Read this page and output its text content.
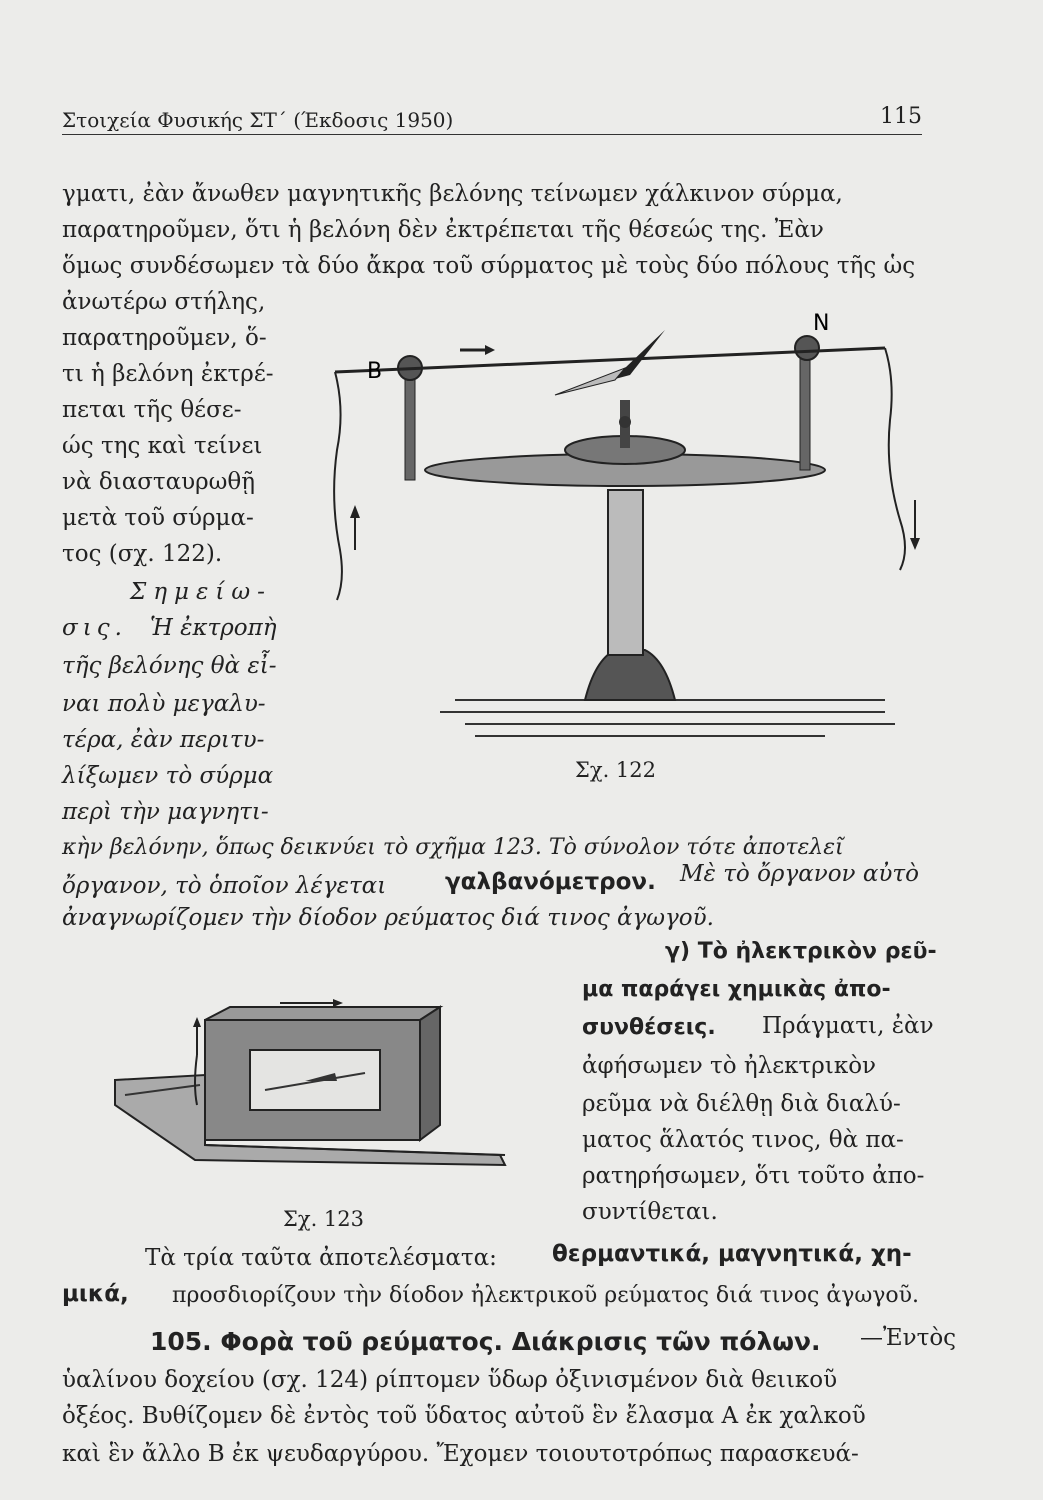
Στοιχεία Φυσικής ΣΤ΄ (Έκδοσις 1950)	115
γματι, ἐὰν ἄνωθεν μαγνητικῆς βελόνης τείνωμεν χάλκινον σύρμα,
παρατηροῦμεν, ὅτι ἡ βελόνη δὲν ἐκτρέπεται τῆς θέσεώς της. Ἐὰν
ὅμως συνδέσωμεν τὰ δύο ἄκρα τοῦ σύρματος μὲ τοὺς δύο πόλους τῆς ὡς
ἀνωτέρω στήλης,
παρατηροῦμεν, ὅ-
τι ἡ βελόνη ἐκτρέ-
πεται τῆς θέσε-
ώς της καὶ τείνει
νὰ διασταυρωθῇ
μετὰ τοῦ σύρμα-
τος (σχ. 122).
Σημείω-
σις. Ἡ ἐκτροπὴ
τῆς βελόνης θὰ εἶ-
ναι πολὺ μεγαλυ-
τέρα, ἐὰν περιτυ-
λίξωμεν τὸ σύρμα
περὶ τὴν μαγνητι-
κὴν βελόνην, ὅπως δεικνύει τὸ σχῆμα 123. Τὸ σύνολον τότε ἀποτελεῖ
ὄργανον, τὸ ὁποῖον λέγεται	γαλβανόμετρον. Μὲ τὸ ὄργανον αὐτὸ
ἀναγνωρίζομεν τὴν δίοδον ρεύματος διά τινος ἀγωγοῦ.
γ) Τὸ ἠλεκτρικὸν ρεῦ-
μα παράγει χημικὰς ἀπο-
συνθέσεις. Πράγματι, ἐὰν
ἀφήσωμεν τὸ ἠλεκτρικὸν
ρεῦμα νὰ διέλθῃ διὰ διαλύ-
ματος ἅλατός τινος, θὰ πα-
ρατηρήσωμεν, ὅτι τοῦτο ἀπο-
συντίθεται.
Τὰ τρία ταῦτα ἀποτελέσματα: θερμαντικά, μαγνητικά, χη-
μικά, προσδιορίζουν τὴν δίοδον ἠλεκτρικοῦ ρεύματος διά τινος ἀγωγοῦ.
105. Φορὰ τοῦ ρεύματος. Διάκρισις τῶν πόλων. —Ἐντὸς
ὑαλίνου δοχείου (σχ. 124) ρίπτομεν ὕδωρ ὀξινισμένον διὰ θειικοῦ
ὀξέος. Βυθίζομεν δὲ ἐντὸς τοῦ ὕδατος αὐτοῦ ἓν ἔλασμα Α ἐκ χαλκοῦ
καὶ ἓν ἄλλο Β ἐκ ψευδαργύρου. Ἔχομεν τοιουτοτρόπως παρασκευά-
B
N
Σχ. 122
Σχ. 123
